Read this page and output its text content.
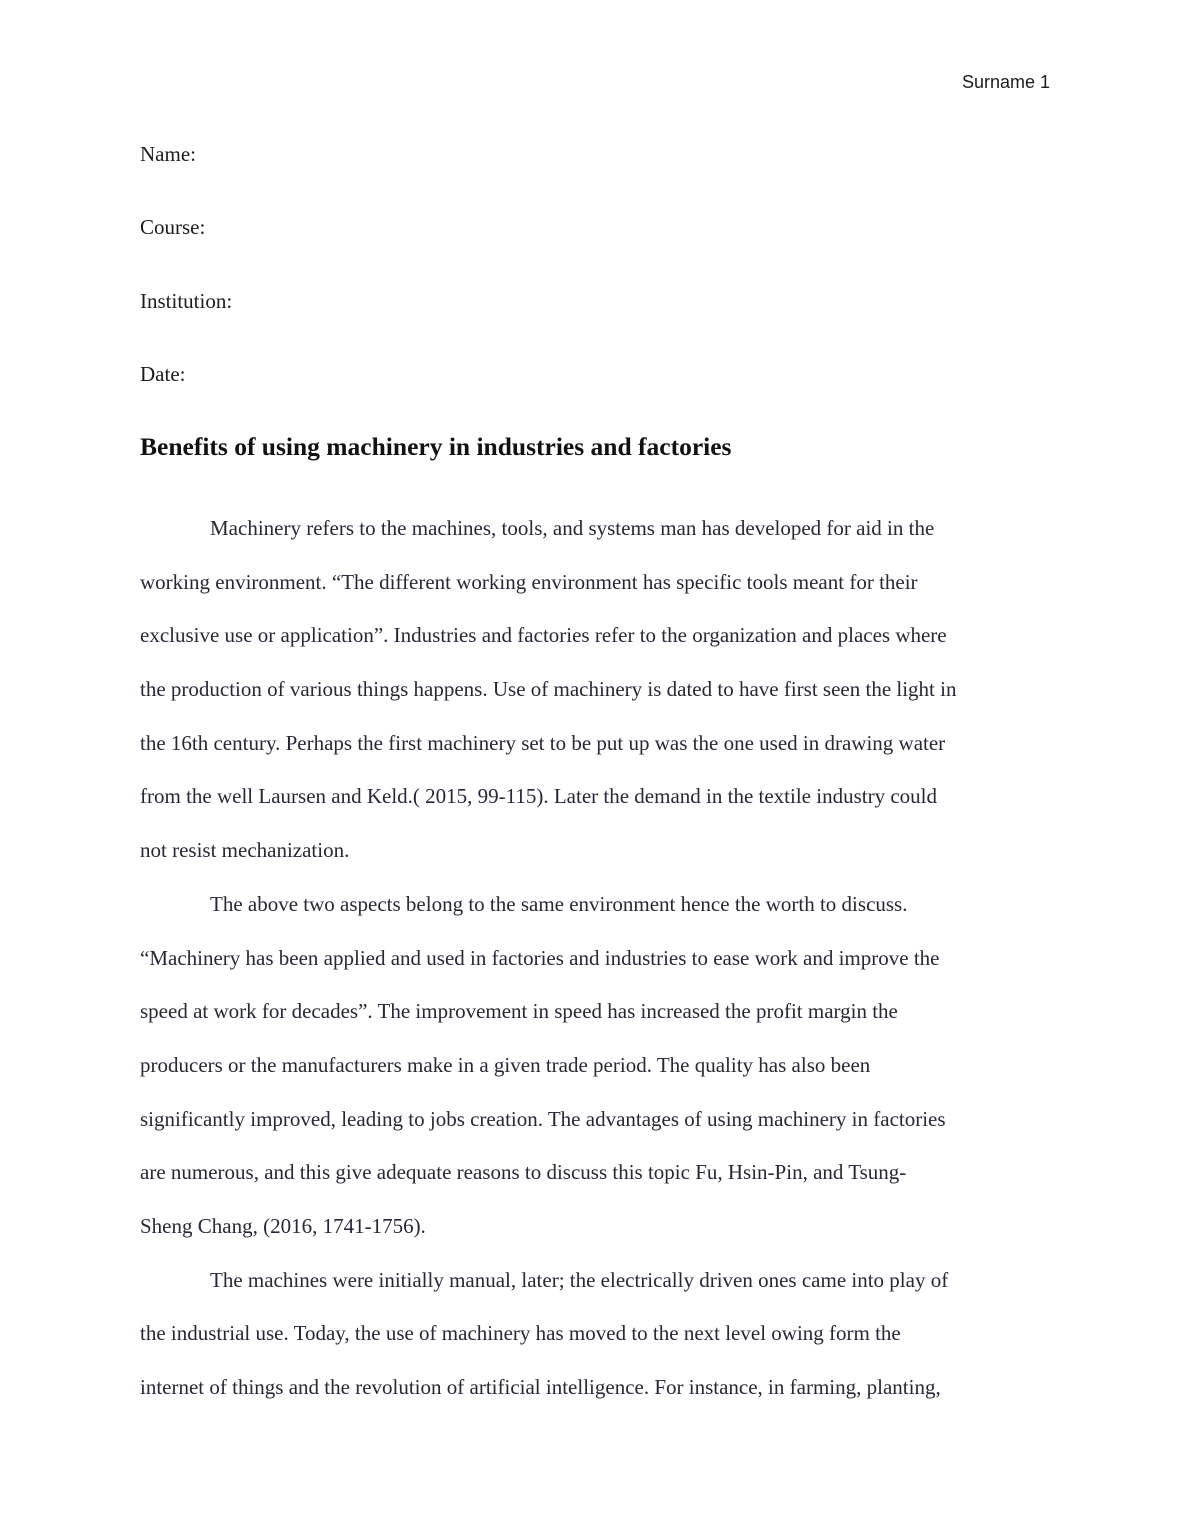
Surname 1
Name:
Course:
Institution:
Date:
Benefits of using machinery in industries and factories
Machinery refers to the machines, tools, and systems man has developed for aid in the
working environment. “The different working environment has specific tools meant for their
exclusive use or application”. Industries and factories refer to the organization and places where
the production of various things happens. Use of machinery is dated to have first seen the light in
the 16th century. Perhaps the first machinery set to be put up was the one used in drawing water
from the well Laursen and Keld.( 2015, 99-115). Later the demand in the textile industry could
not resist mechanization.
The above two aspects belong to the same environment hence the worth to discuss.
“Machinery has been applied and used in factories and industries to ease work and improve the
speed at work for decades”. The improvement in speed has increased the profit margin the
producers or the manufacturers make in a given trade period. The quality has also been
significantly improved, leading to jobs creation. The advantages of using machinery in factories
are numerous, and this give adequate reasons to discuss this topic Fu, Hsin-Pin, and Tsung-
Sheng Chang, (2016, 1741-1756).
The machines were initially manual, later; the electrically driven ones came into play of
the industrial use. Today, the use of machinery has moved to the next level owing form the
internet of things and the revolution of artificial intelligence. For instance, in farming, planting,
